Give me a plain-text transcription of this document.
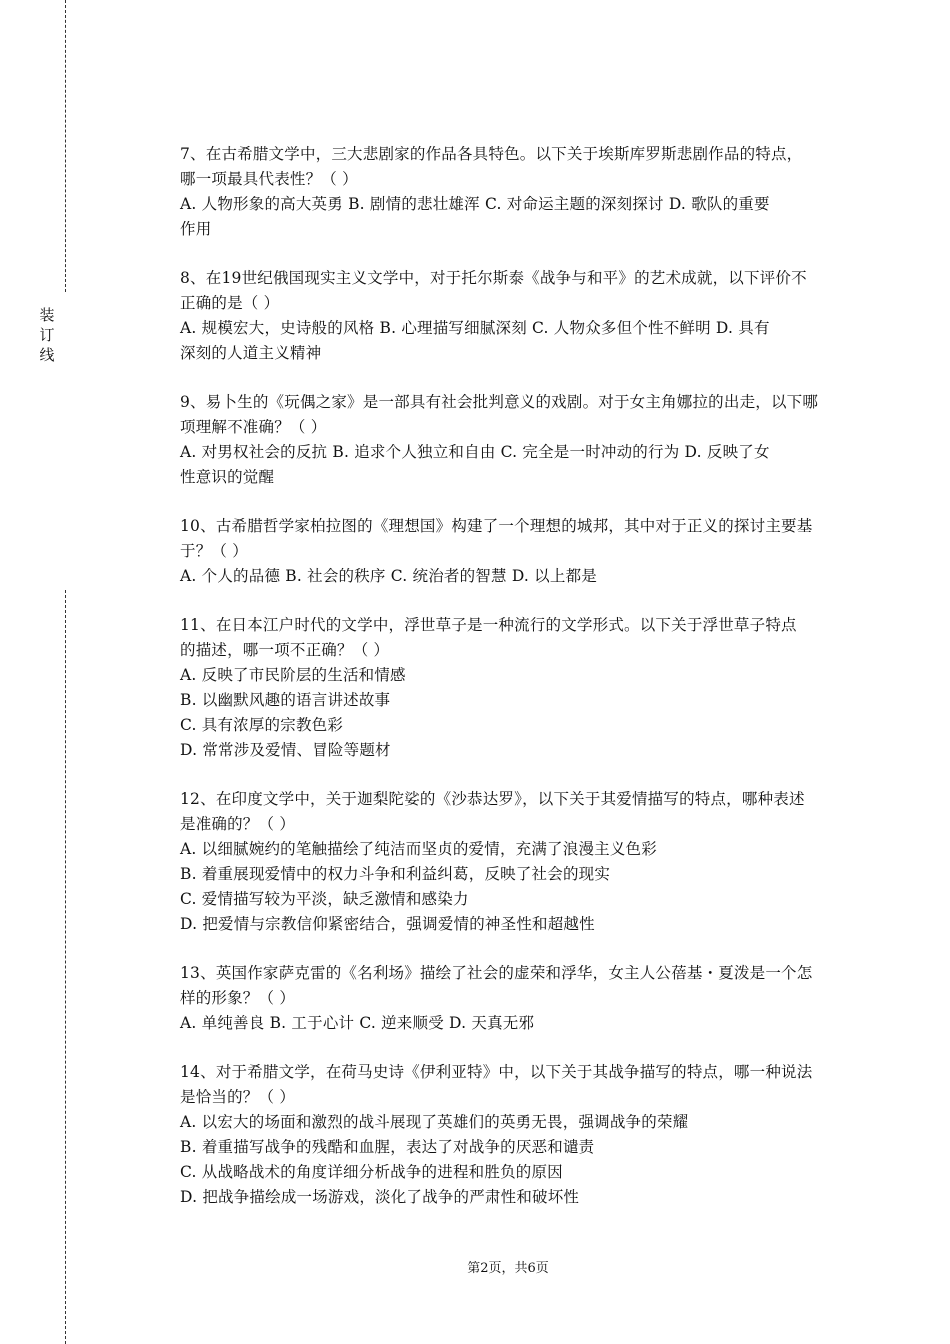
装
订
线

7、在古希腊文学中，三大悲剧家的作品各具特色。以下关于埃斯库罗斯悲剧作品的特点，

哪一项最具代表性？（ ）

A. 人物形象的高大英勇 B. 剧情的悲壮雄浑 C. 对命运主题的深刻探讨 D. 歌队的重要

作用

8、在19世纪俄国现实主义文学中，对于托尔斯泰《战争与和平》的艺术成就，以下评价不

正确的是（ ）

A. 规模宏大，史诗般的风格 B. 心理描写细腻深刻 C. 人物众多但个性不鲜明 D. 具有

深刻的人道主义精神

9、易卜生的《玩偶之家》是一部具有社会批判意义的戏剧。对于女主角娜拉的出走，以下哪

项理解不准确？（ ）

A. 对男权社会的反抗 B. 追求个人独立和自由 C. 完全是一时冲动的行为 D. 反映了女

性意识的觉醒

10、古希腊哲学家柏拉图的《理想国》构建了一个理想的城邦，其中对于正义的探讨主要基

于？（ ）

A. 个人的品德 B. 社会的秩序 C. 统治者的智慧 D. 以上都是

11、在日本江户时代的文学中，浮世草子是一种流行的文学形式。以下关于浮世草子特点

的描述，哪一项不正确？（ ）

A. 反映了市民阶层的生活和情感

B. 以幽默风趣的语言讲述故事

C. 具有浓厚的宗教色彩

D. 常常涉及爱情、冒险等题材

12、在印度文学中，关于迦梨陀娑的《沙恭达罗》，以下关于其爱情描写的特点，哪种表述

是准确的？（ ）

A. 以细腻婉约的笔触描绘了纯洁而坚贞的爱情，充满了浪漫主义色彩

B. 着重展现爱情中的权力斗争和利益纠葛，反映了社会的现实

C. 爱情描写较为平淡，缺乏激情和感染力

D. 把爱情与宗教信仰紧密结合，强调爱情的神圣性和超越性

13、英国作家萨克雷的《名利场》描绘了社会的虚荣和浮华，女主人公蓓基・夏泼是一个怎

样的形象？（ ）

A. 单纯善良 B. 工于心计 C. 逆来顺受 D. 天真无邪

14、对于希腊文学，在荷马史诗《伊利亚特》中，以下关于其战争描写的特点，哪一种说法

是恰当的？（ ）

A. 以宏大的场面和激烈的战斗展现了英雄们的英勇无畏，强调战争的荣耀

B. 着重描写战争的残酷和血腥，表达了对战争的厌恶和谴责

C. 从战略战术的角度详细分析战争的进程和胜负的原因

D. 把战争描绘成一场游戏，淡化了战争的严肃性和破坏性

第2页，共6页
